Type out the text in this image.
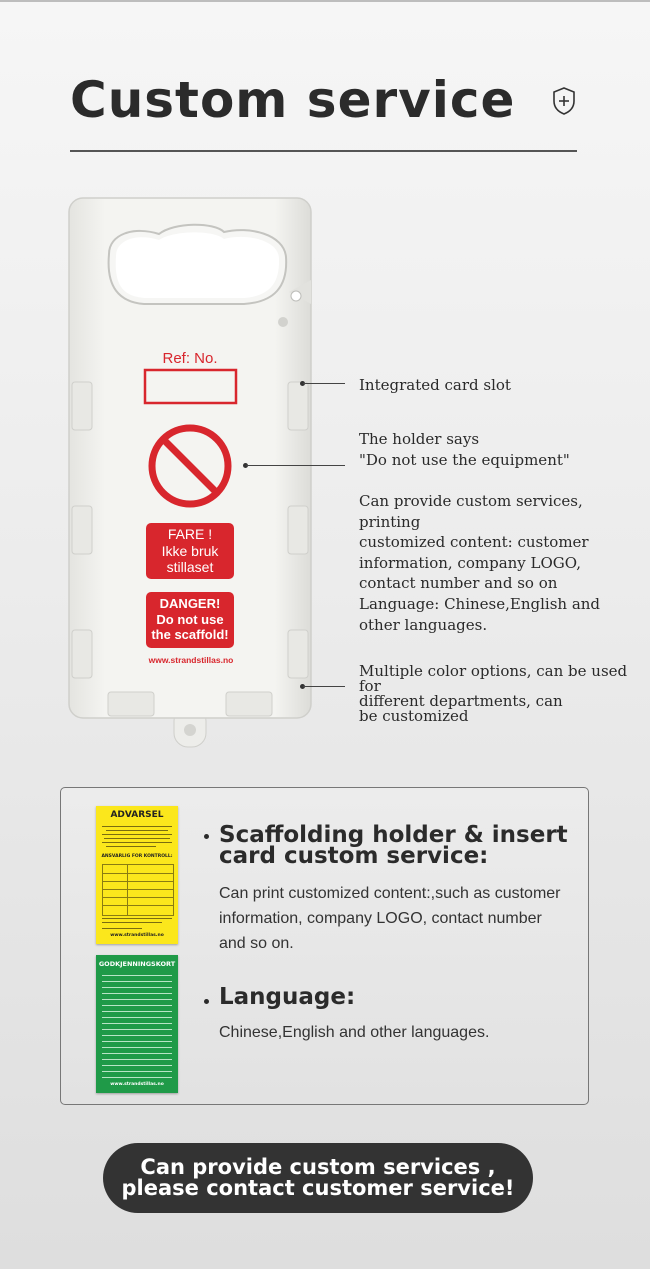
Custom service
Ref: No.
FARE !
Ikke bruk
stillaset
DANGER!
Do not use
the scaffold!
www.strandstillas.no
Integrated card slot
The holder says
"Do not use the equipment"
Can provide custom services, printing
customized content: customer
information, company LOGO,
contact number and so on
Language: Chinese,English and
other languages.
Multiple color options, can be used for
different departments, can
be customized
ADVARSEL
ANSVARLIG FOR KONTROLL:
www.strandstillas.no
GODKJENNINGSKORT
www.strandstillas.no
Scaffolding holder & insert
card custom service:
Can print customized content:,such as customer
information, company LOGO, contact number
and so on.
Language:
Chinese,English and other languages.
Can provide custom services ,
please contact customer service!
